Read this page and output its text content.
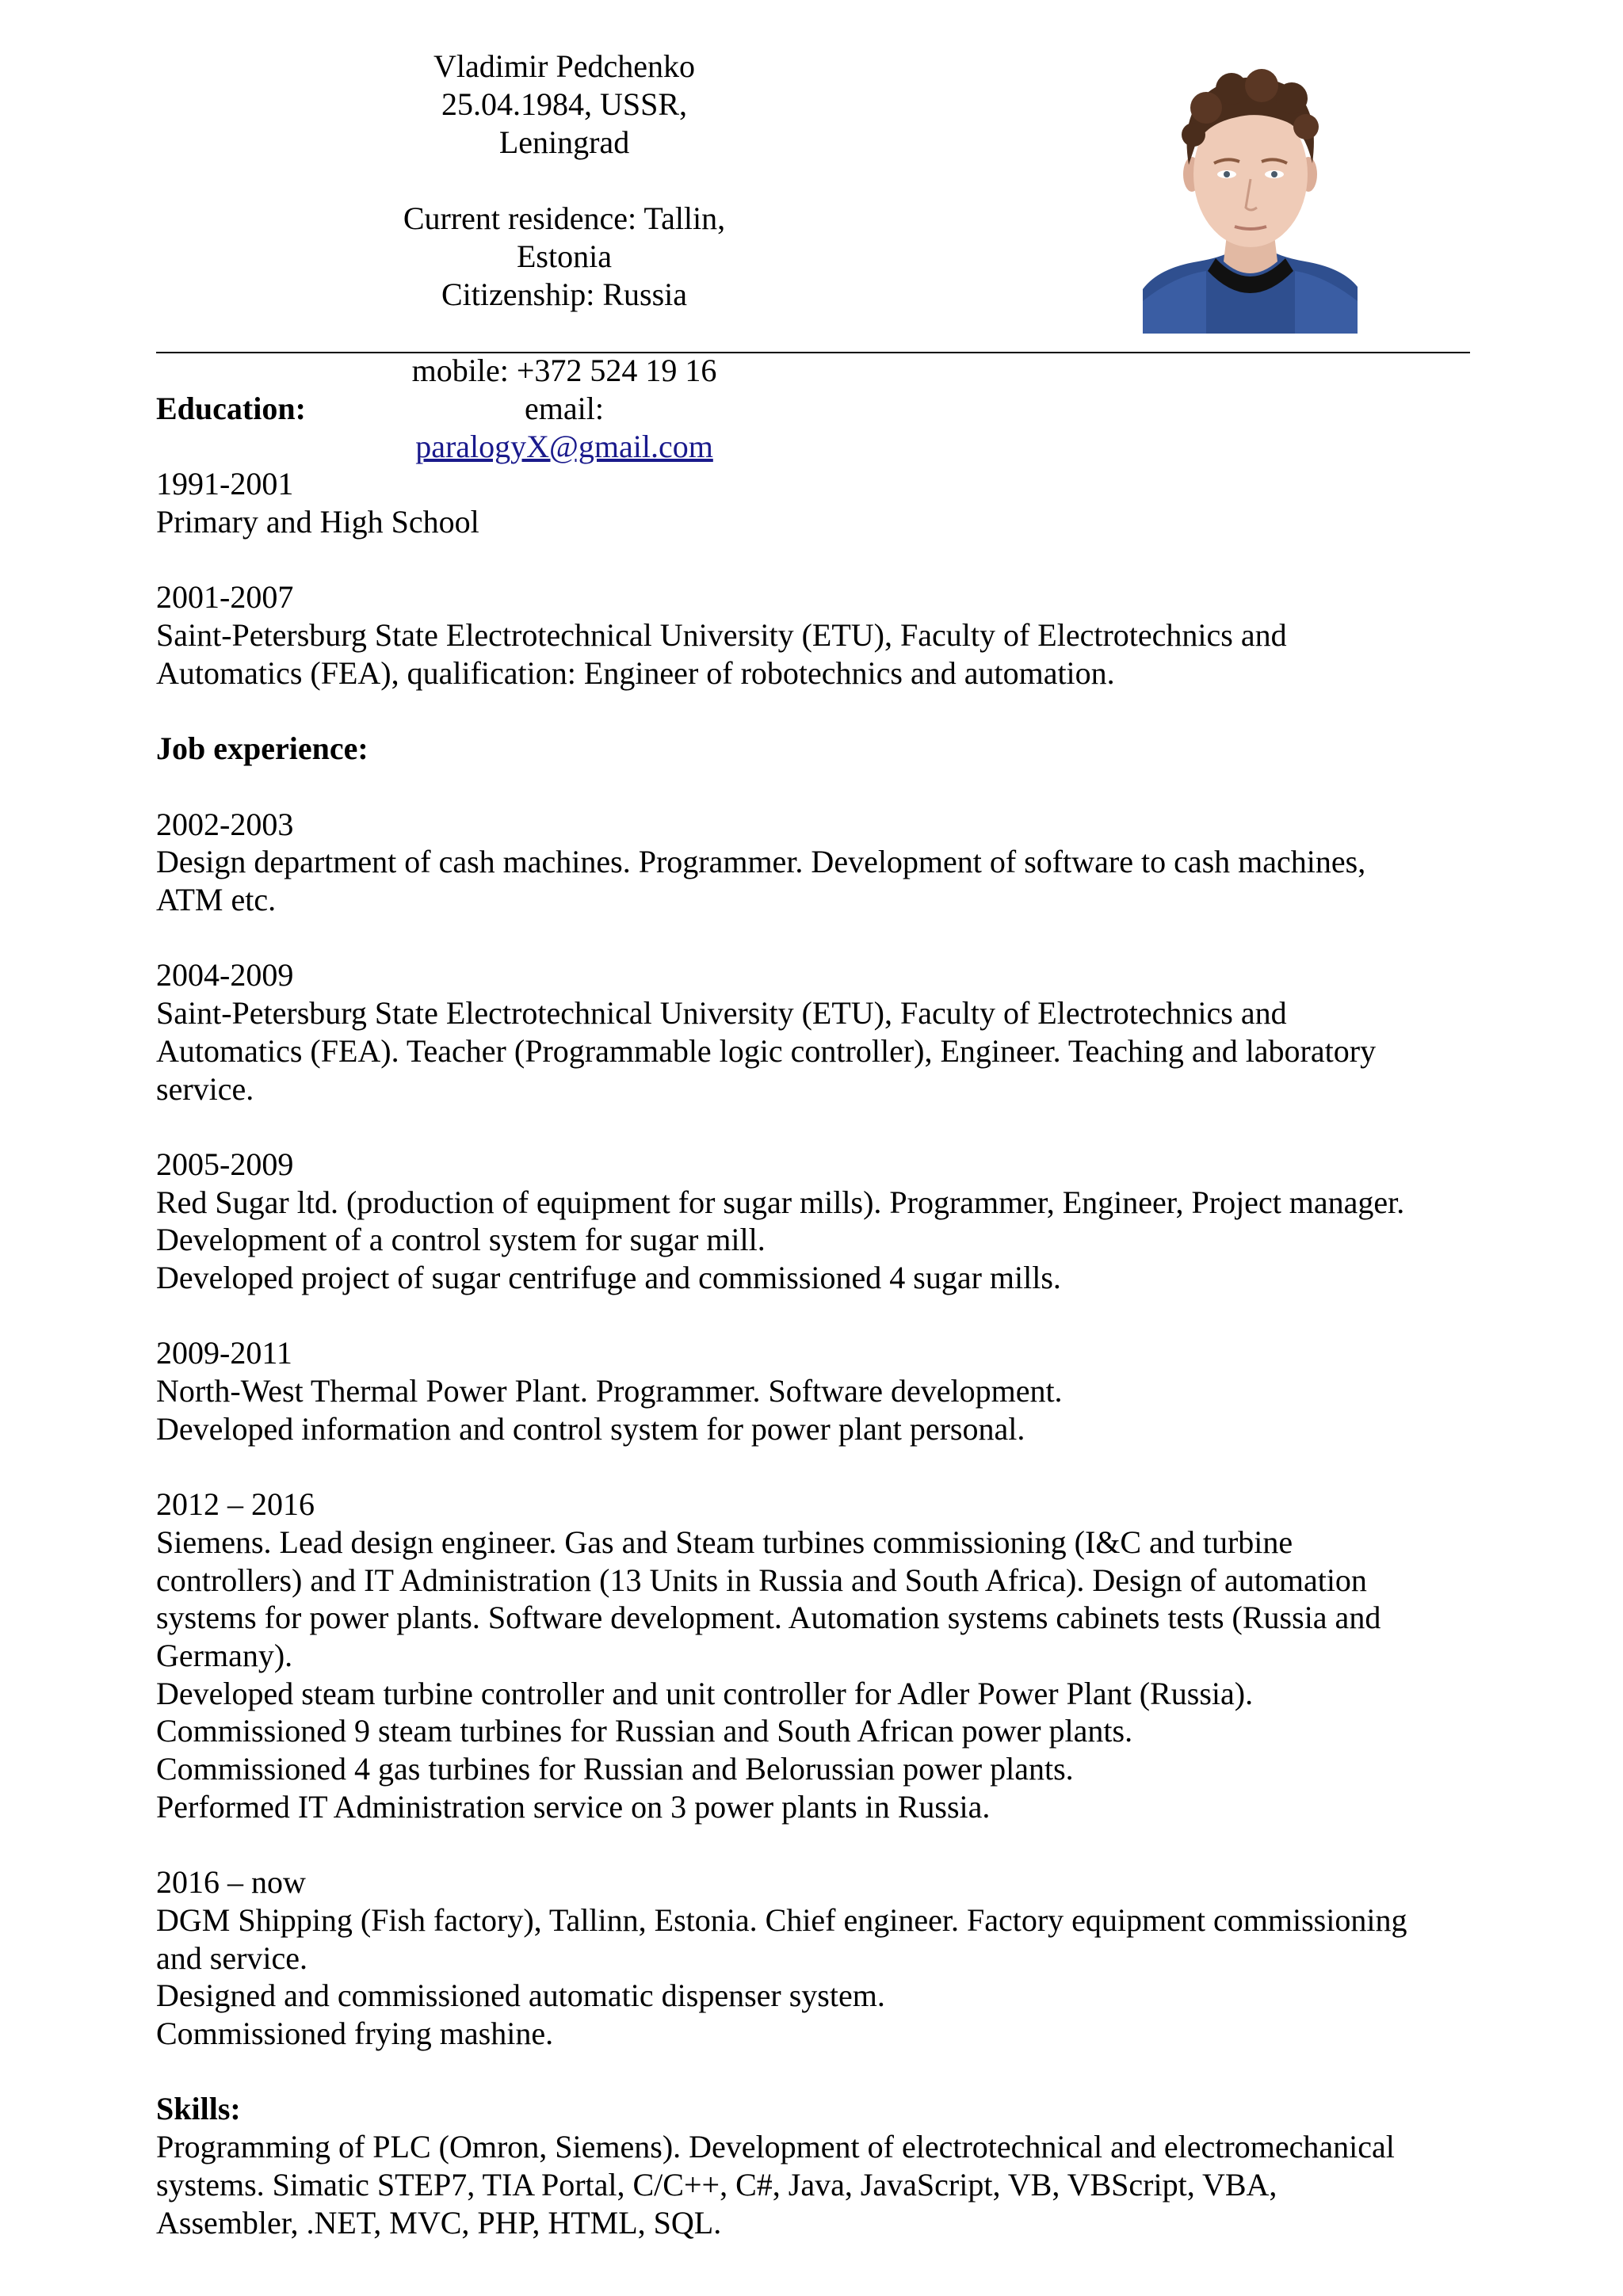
Vladimir Pedchenko
25.04.1984, USSR, Leningrad
Current residence: Tallin, Estonia
Citizenship: Russia
mobile: +372 524 19 16
email: paralogyX@gmail.com

Education:

1991-2001

Primary and High School

2001-2007

Saint-Petersburg State Electrotechnical University (ETU), Faculty of Electrotechnics and

Automatics (FEA), qualification: Engineer of robotechnics and automation.

Job experience:

2002-2003

Design department of cash machines. Programmer. Development of software to cash machines,

ATM etc.

2004-2009

Saint-Petersburg State Electrotechnical University (ETU), Faculty of Electrotechnics and

Automatics (FEA). Teacher (Programmable logic controller), Engineer. Teaching and laboratory

service.

2005-2009

Red Sugar ltd. (production of equipment for sugar mills). Programmer, Engineer, Project manager.

Development of a control system for sugar mill.

Developed project of sugar centrifuge and commissioned 4 sugar mills.

2009-2011

North-West Thermal Power Plant. Programmer. Software development.

Developed information and control system for power plant personal.

2012 – 2016

Siemens. Lead design engineer. Gas and Steam turbines commissioning (I&C and turbine

controllers) and IT Administration (13 Units in Russia and South Africa). Design of automation

systems for power plants. Software development. Automation systems cabinets tests (Russia and

Germany).

Developed steam turbine controller and unit controller for Adler Power Plant (Russia).

Commissioned 9 steam turbines for Russian and South African power plants.

Commissioned 4 gas turbines for Russian and Belorussian power plants.

Performed IT Administration service on 3 power plants in Russia.

2016 – now

DGM Shipping (Fish factory), Tallinn, Estonia. Chief engineer. Factory equipment commissioning

and service.

Designed and commissioned automatic dispenser system.

Commissioned frying mashine.

Skills:

Programming of PLC (Omron, Siemens). Development of electrotechnical and electromechanical

systems. Simatic STEP7, TIA Portal, C/C++, C#, Java, JavaScript, VB, VBScript, VBA,

Assembler, .NET, MVC, PHP, HTML, SQL.
